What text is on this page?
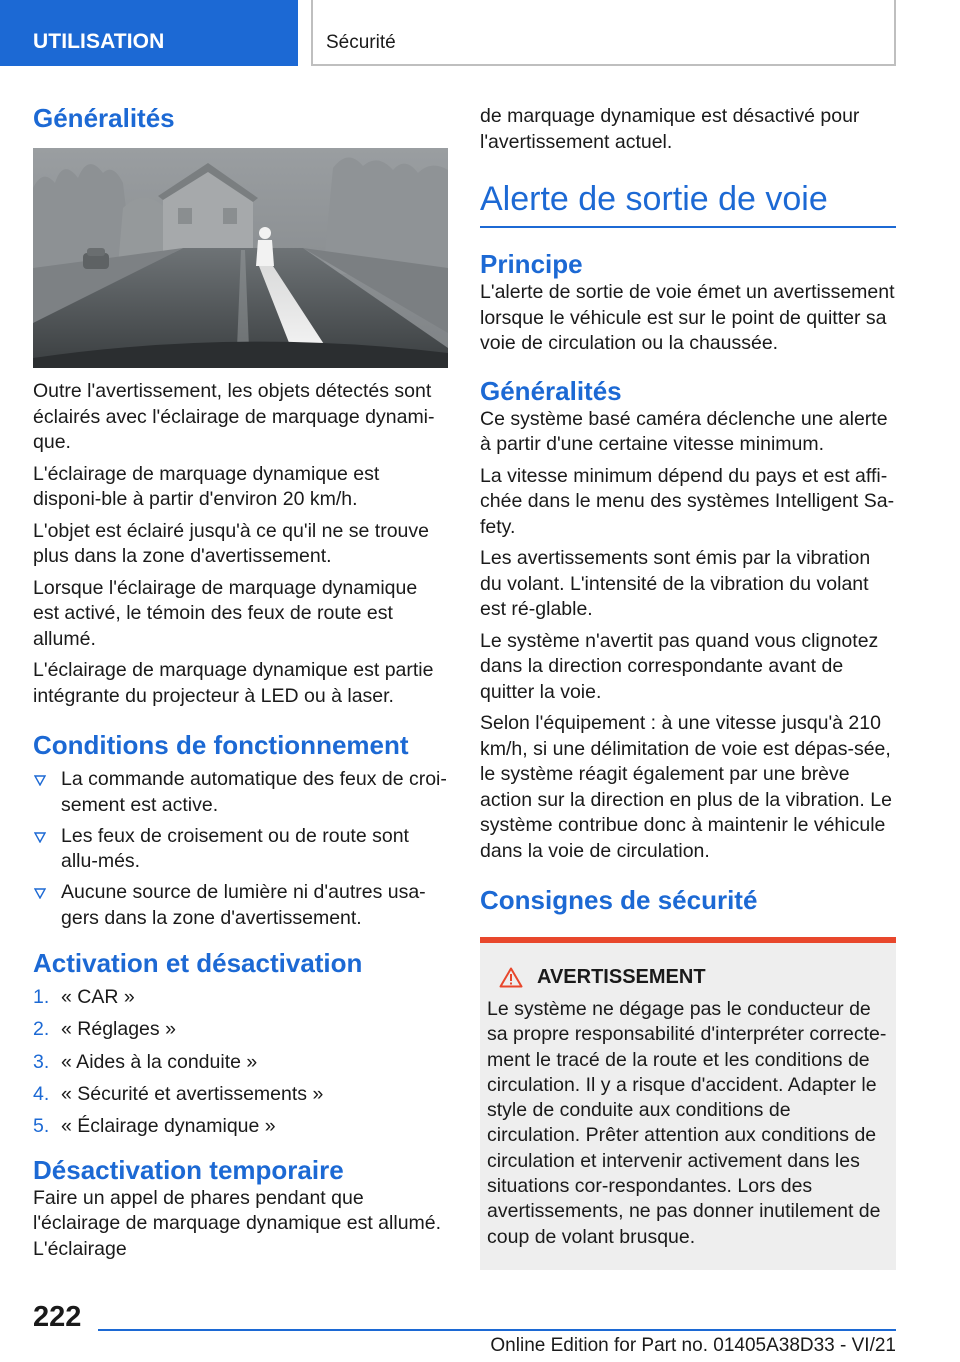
UTILISATION	Sécurité
Généralités

Outre l'avertissement, les objets détectés sont éclairés avec l'éclairage de marquage dynami-que.

L'éclairage de marquage dynamique est disponi-ble à partir d'environ 20 km/h.

L'objet est éclairé jusqu'à ce qu'il ne se trouve plus dans la zone d'avertissement.

Lorsque l'éclairage de marquage dynamique est activé, le témoin des feux de route est allumé.

L'éclairage de marquage dynamique est partie intégrante du projecteur à LED ou à laser.

Conditions de fonctionnement
La commande automatique des feux de croi-sement est active.
Les feux de croisement ou de route sont allu-més.
Aucune source de lumière ni d'autres usa-gers dans la zone d'avertissement.
Activation et désactivation
1. « CAR »
2. « Réglages »
3. « Aides à la conduite »
4. « Sécurité et avertissements »
5. « Éclairage dynamique »
Désactivation temporaire

Faire un appel de phares pendant que l'éclairage de marquage dynamique est allumé. L'éclairage

de marquage dynamique est désactivé pour l'avertissement actuel.

Alerte de sortie de voie
Principe

L'alerte de sortie de voie émet un avertissement lorsque le véhicule est sur le point de quitter sa voie de circulation ou la chaussée.

Généralités

Ce système basé caméra déclenche une alerte à partir d'une certaine vitesse minimum.

La vitesse minimum dépend du pays et est affi-chée dans le menu des systèmes Intelligent Sa-fety.

Les avertissements sont émis par la vibration du volant. L'intensité de la vibration du volant est ré-glable.

Le système n'avertit pas quand vous clignotez dans la direction correspondante avant de quitter la voie.

Selon l'équipement : à une vitesse jusqu'à 210 km/h, si une délimitation de voie est dépas-sée, le système réagit également par une brève action sur la direction en plus de la vibration. Le système contribue donc à maintenir le véhicule dans la voie de circulation.

Consignes de sécurité
AVERTISSEMENT

Le système ne dégage pas le conducteur de sa propre responsabilité d'interpréter correcte-ment le tracé de la route et les conditions de circulation. Il y a risque d'accident. Adapter le style de conduite aux conditions de circulation. Prêter attention aux conditions de circulation et intervenir activement dans les situations cor-respondantes. Lors des avertissements, ne pas donner inutilement de coup de volant brusque.

222
Online Edition for Part no. 01405A38D33 - VI/21
